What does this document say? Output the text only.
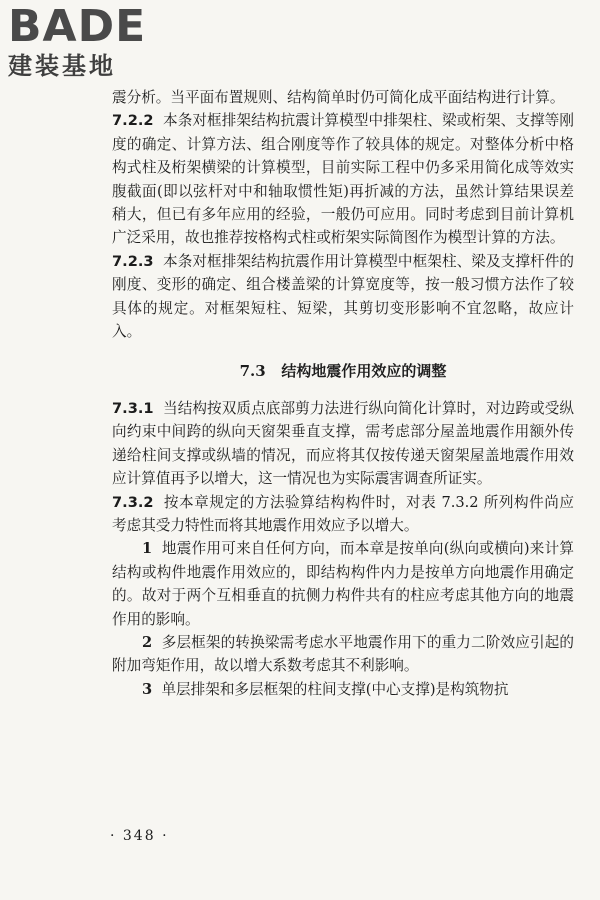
BADE
建装基地

震分析。当平面布置规则、结构简单时仍可简化成平面结构进行计算。

7.2.2 本条对框排架结构抗震计算模型中排架柱、梁或桁架、支撑等刚度的确定、计算方法、组合刚度等作了较具体的规定。对整体分析中格构式柱及桁架横梁的计算模型，目前实际工程中仍多采用简化成等效实腹截面(即以弦杆对中和轴取惯性矩)再折减的方法，虽然计算结果误差稍大，但已有多年应用的经验，一般仍可应用。同时考虑到目前计算机广泛采用，故也推荐按格构式柱或桁架实际简图作为模型计算的方法。

7.2.3 本条对框排架结构抗震作用计算模型中框架柱、梁及支撑杆件的刚度、变形的确定、组合楼盖梁的计算宽度等，按一般习惯方法作了较具体的规定。对框架短柱、短梁，其剪切变形影响不宜忽略，故应计入。

7.3 结构地震作用效应的调整

7.3.1 当结构按双质点底部剪力法进行纵向简化计算时，对边跨或受纵向约束中间跨的纵向天窗架垂直支撑，需考虑部分屋盖地震作用额外传递给柱间支撑或纵墙的情况，而应将其仅按传递天窗架屋盖地震作用效应计算值再予以增大，这一情况也为实际震害调查所证实。

7.3.2 按本章规定的方法验算结构构件时，对表 7.3.2 所列构件尚应考虑其受力特性而将其地震作用效应予以增大。

1 地震作用可来自任何方向，而本章是按单向(纵向或横向)来计算结构或构件地震作用效应的，即结构构件内力是按单方向地震作用确定的。故对于两个互相垂直的抗侧力构件共有的柱应考虑其他方向的地震作用的影响。

2 多层框架的转换梁需考虑水平地震作用下的重力二阶效应引起的附加弯矩作用，故以增大系数考虑其不利影响。

3 单层排架和多层框架的柱间支撑(中心支撑)是构筑物抗

· 348 ·
